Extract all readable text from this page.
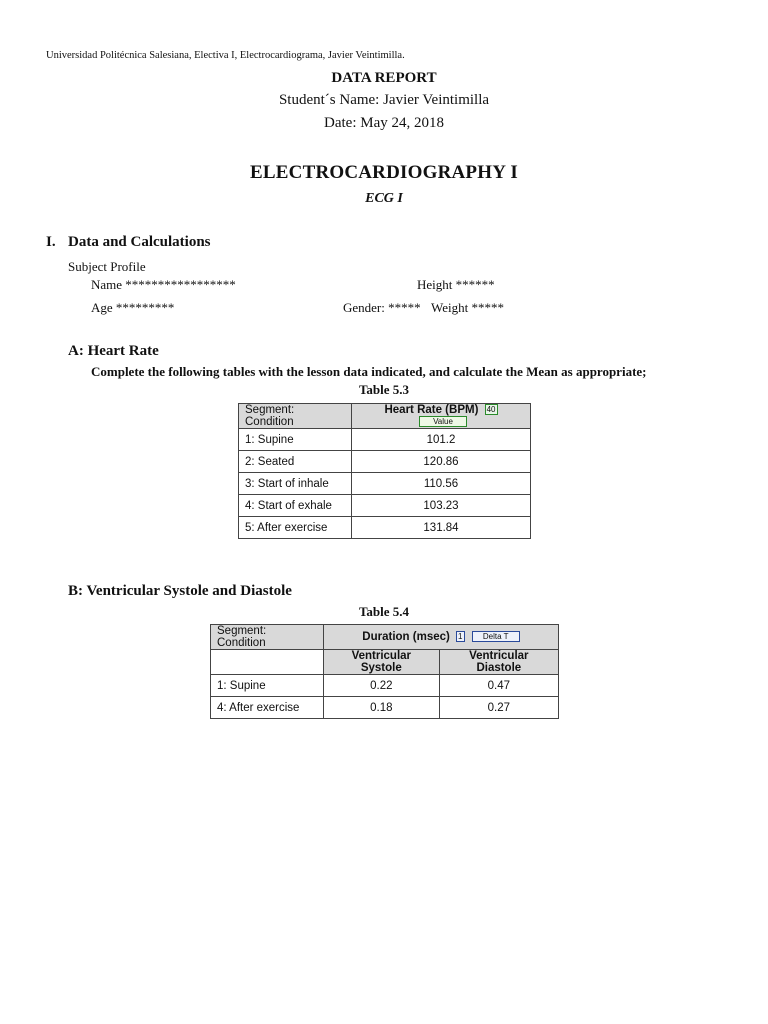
Universidad Politécnica Salesiana, Electiva I, Electrocardiograma, Javier Veintimilla.
DATA REPORT
Student´s Name: Javier Veintimilla
Date: May 24, 2018
ELECTROCARDIOGRAPHY I
ECG I
I. Data and Calculations
Subject Profile
Name *****************	Height ******
Age *********	Gender: ***** Weight *****
A: Heart Rate
Complete the following tables with the lesson data indicated, and calculate the Mean as appropriate;
Table 5.3
Segment: Condition	Heart Rate (BPM) 40 Value
1: Supine	101.2
2: Seated	120.86
3: Start of inhale	110.56
4: Start of exhale	103.23
5: After exercise	131.84
B: Ventricular Systole and Diastole
Table 5.4
Segment: Condition	Duration (msec) 1 Delta T	
	Ventricular Systole	Ventricular Diastole
1: Supine	0.22	0.47
4: After exercise	0.18	0.27
